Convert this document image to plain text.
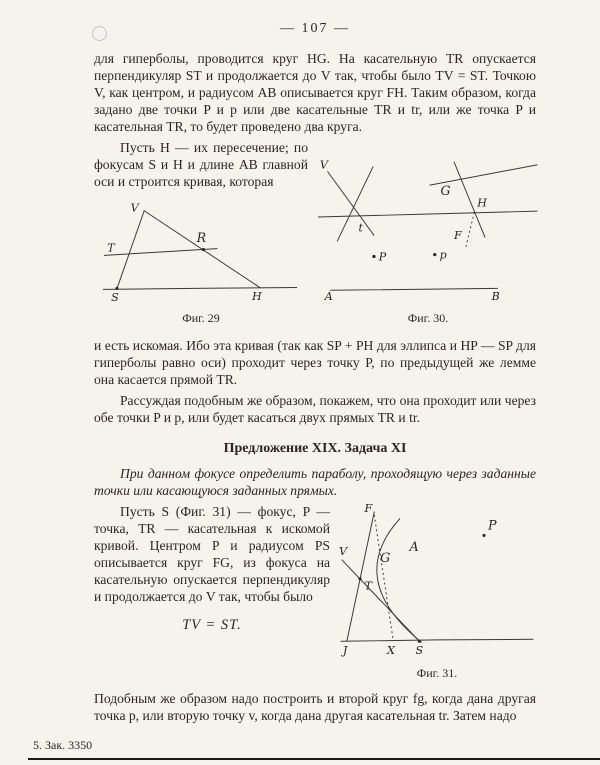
— 107 —

для гиперболы, проводится круг HG. На касательную TR опускается перпендикуляр ST и продолжается до V так, чтобы было TV = ST. Точкою V, как центром, и радиусом AB описывается круг FH. Таким образом, когда задано две точки P и p или две касательные TR и tr, или же точка P и касательная TR, то будет проведено два круга.

Пусть H — их пересечение; по фокусам S и H и длине AB главной оси и строится кривая, которая

V
T
R
S	H
Фиг. 29
V
t
G
H
F
P	p
A	B
Фиг. 30.

и есть искомая. Ибо эта кривая (так как SP + PH для эллипса и HP — SP для гиперболы равно оси) проходит через точку P, по предыдущей же лемме она касается прямой TR.

Рассуждая подобным же образом, покажем, что она проходит или через обе точки P и p, или будет касаться двух прямых TR и tr.

Предложение XIX. Задача XI

При данном фокусе определить параболу, проходящую через заданные точки или касающуюся заданных прямых.

Пусть S (Фиг. 31) — фокус, P — точка, TR — касательная к искомой кривой. Центром P и радиусом PS описывается круг FG, из фокуса на касательную опускается перпендикуляр и продолжается до V так, чтобы было

TV = ST.
F
V	G
A
T
P
J	X S
Фиг. 31.

Подобным же образом надо построить и второй круг fg, когда дана другая точка p, или вторую точку v, когда дана другая касательная tr. Затем надо

5. Зак. 3350
